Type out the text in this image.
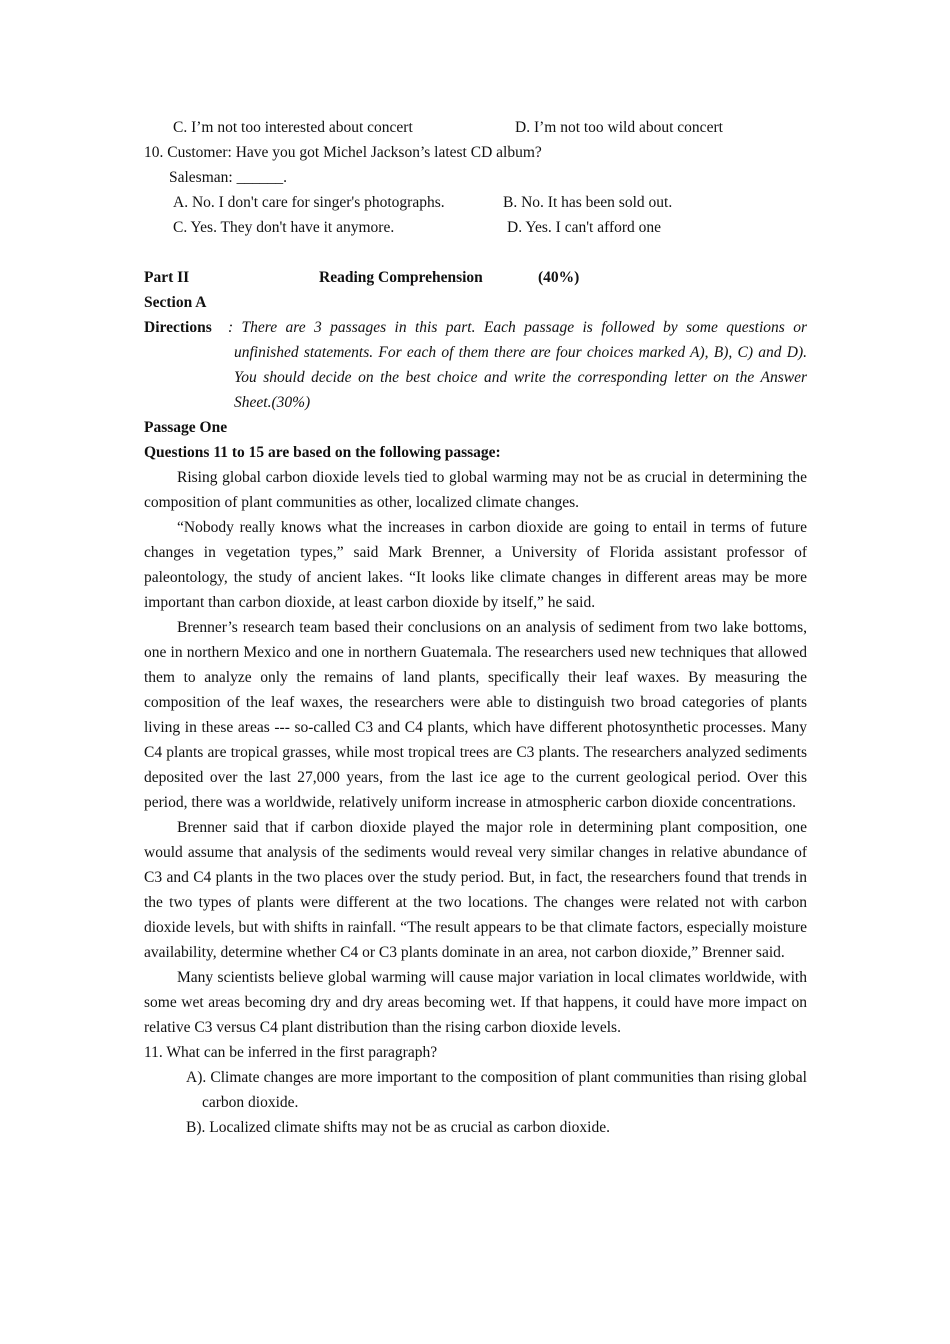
C. I’m not too interested about concert	D. I’m not too wild about concert
10. Customer: Have you got Michel Jackson’s latest CD album?
Salesman: ______.
A. No. I don't care for singer's photographs.	B. No. It has been sold out.
C. Yes. They don't have it anymore.	D. Yes. I can't afford one
Part II	Reading Comprehension	(40%)
Section A
Directions	: There are 3 passages in this part. Each passage is followed by some questions or unfinished statements. For each of them there are four choices marked A), B), C) and D). You should decide on the best choice and write the corresponding letter on the Answer Sheet.(30%)

Passage One
Questions 11 to 15 are based on the following passage:

Rising global carbon dioxide levels tied to global warming may not be as crucial in determining the composition of plant communities as other, localized climate changes.

“Nobody really knows what the increases in carbon dioxide are going to entail in terms of future changes in vegetation types,” said Mark Brenner, a University of Florida assistant professor of paleontology, the study of ancient lakes. “It looks like climate changes in different areas may be more important than carbon dioxide, at least carbon dioxide by itself,” he said.

Brenner’s research team based their conclusions on an analysis of sediment from two lake bottoms, one in northern Mexico and one in northern Guatemala. The researchers used new techniques that allowed them to analyze only the remains of land plants, specifically their leaf waxes. By measuring the composition of the leaf waxes, the researchers were able to distinguish two broad categories of plants living in these areas --- so-called C3 and C4 plants, which have different photosynthetic processes. Many C4 plants are tropical grasses, while most tropical trees are C3 plants. The researchers analyzed sediments deposited over the last 27,000 years, from the last ice age to the current geological period. Over this period, there was a worldwide, relatively uniform increase in atmospheric carbon dioxide concentrations.

Brenner said that if carbon dioxide played the major role in determining plant composition, one would assume that analysis of the sediments would reveal very similar changes in relative abundance of C3 and C4 plants in the two places over the study period. But, in fact, the researchers found that trends in the two types of plants were different at the two locations. The changes were related not with carbon dioxide levels, but with shifts in rainfall. “The result appears to be that climate factors, especially moisture availability, determine whether C4 or C3 plants dominate in an area, not carbon dioxide,” Brenner said.

Many scientists believe global warming will cause major variation in local climates worldwide, with some wet areas becoming dry and dry areas becoming wet. If that happens, it could have more impact on relative C3 versus C4 plant distribution than the rising carbon dioxide levels.

11. What can be inferred in the first paragraph?

A). Climate changes are more important to the composition of plant communities than rising global carbon dioxide.

B). Localized climate shifts may not be as crucial as carbon dioxide.
